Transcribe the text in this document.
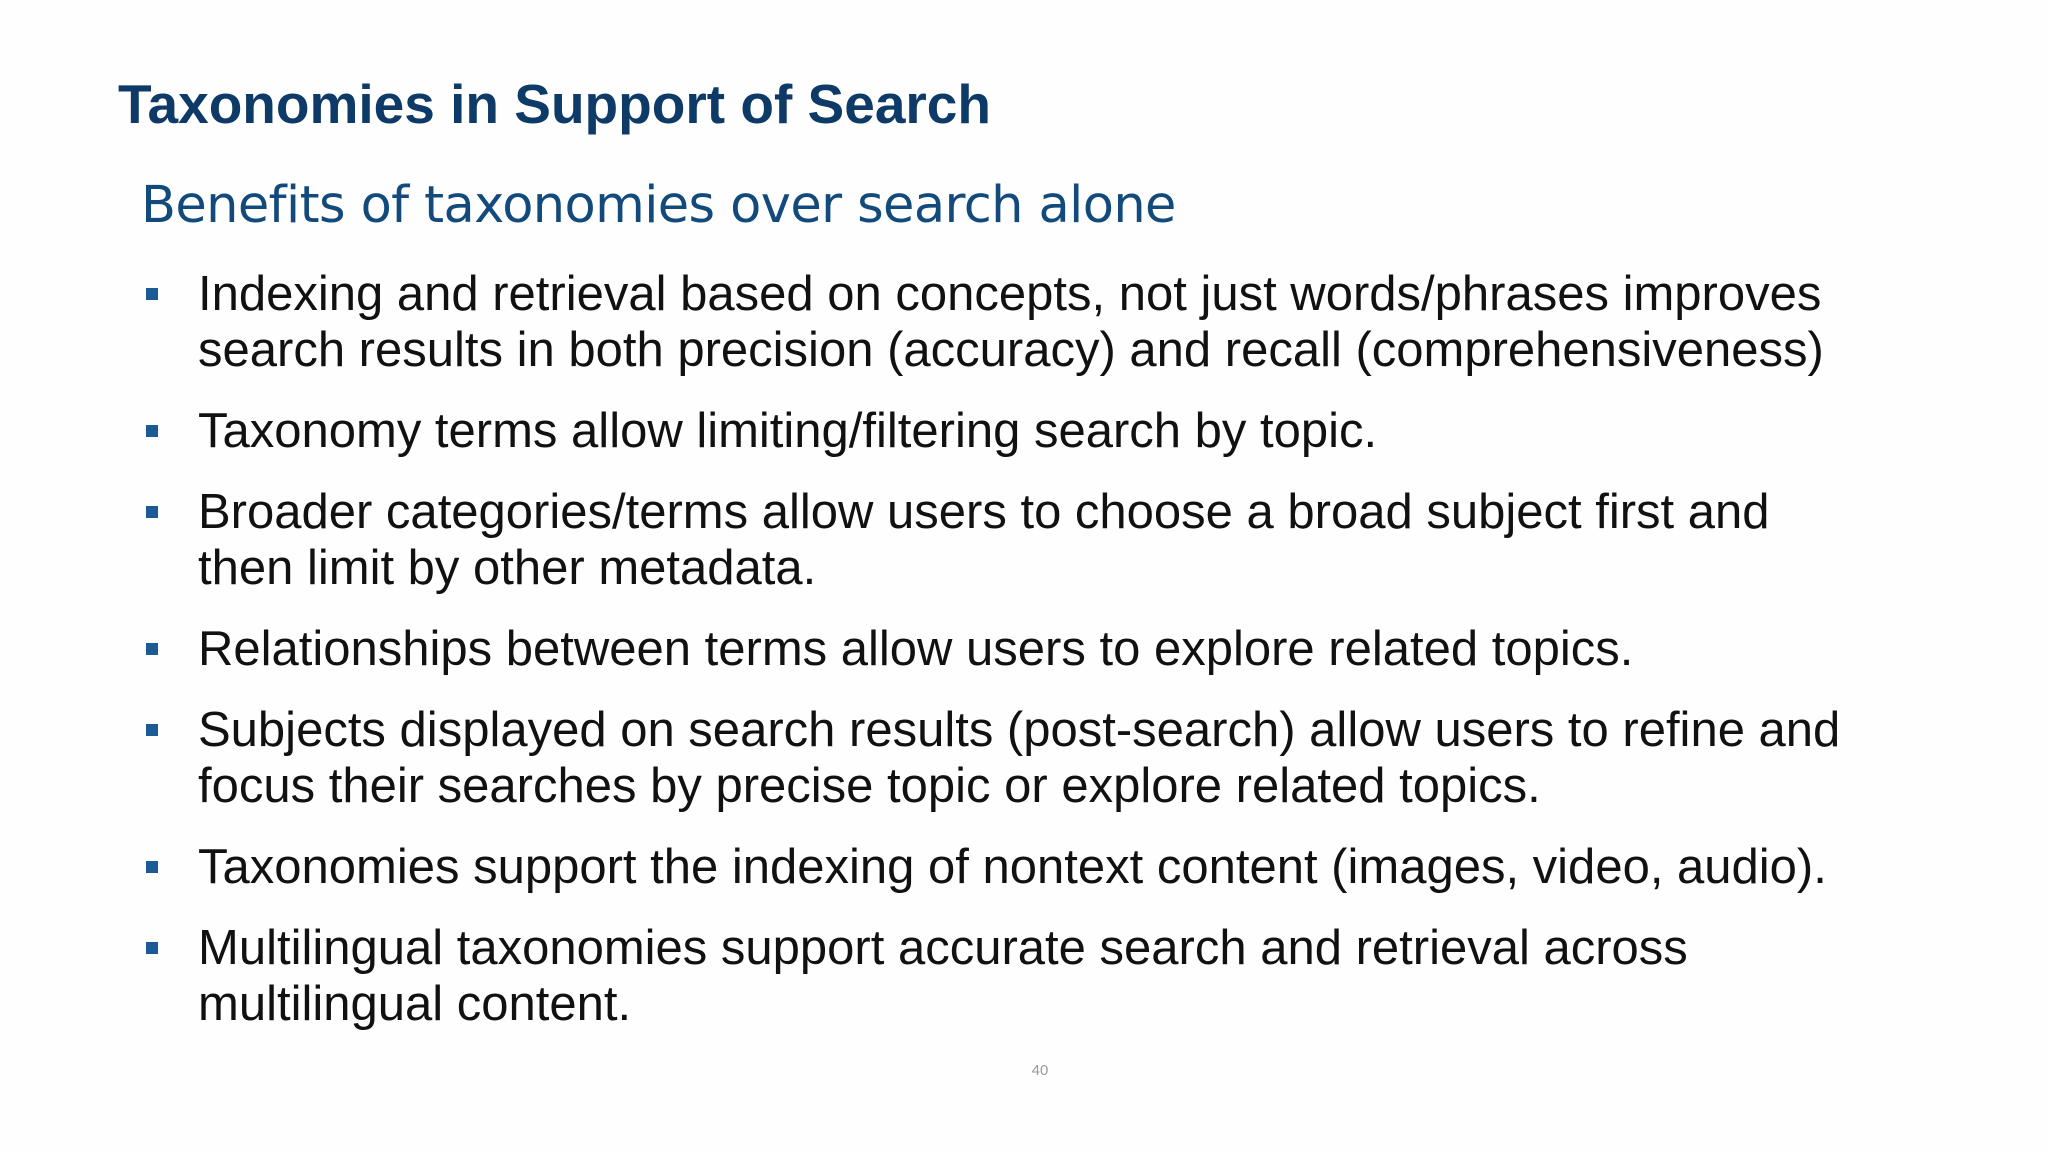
Taxonomies in Support of Search
Benefits of taxonomies over search alone
Indexing and retrieval based on concepts, not just words/phrases improves
search results in both precision (accuracy) and recall (comprehensiveness)
Taxonomy terms allow limiting/filtering search by topic.
Broader categories/terms allow users to choose a broad subject first and
then limit by other metadata.
Relationships between terms allow users to explore related topics.
Subjects displayed on search results (post-search) allow users to refine and
focus their searches by precise topic or explore related topics.
Taxonomies support the indexing of nontext content (images, video, audio).
Multilingual taxonomies support accurate search and retrieval across
multilingual content.
40
